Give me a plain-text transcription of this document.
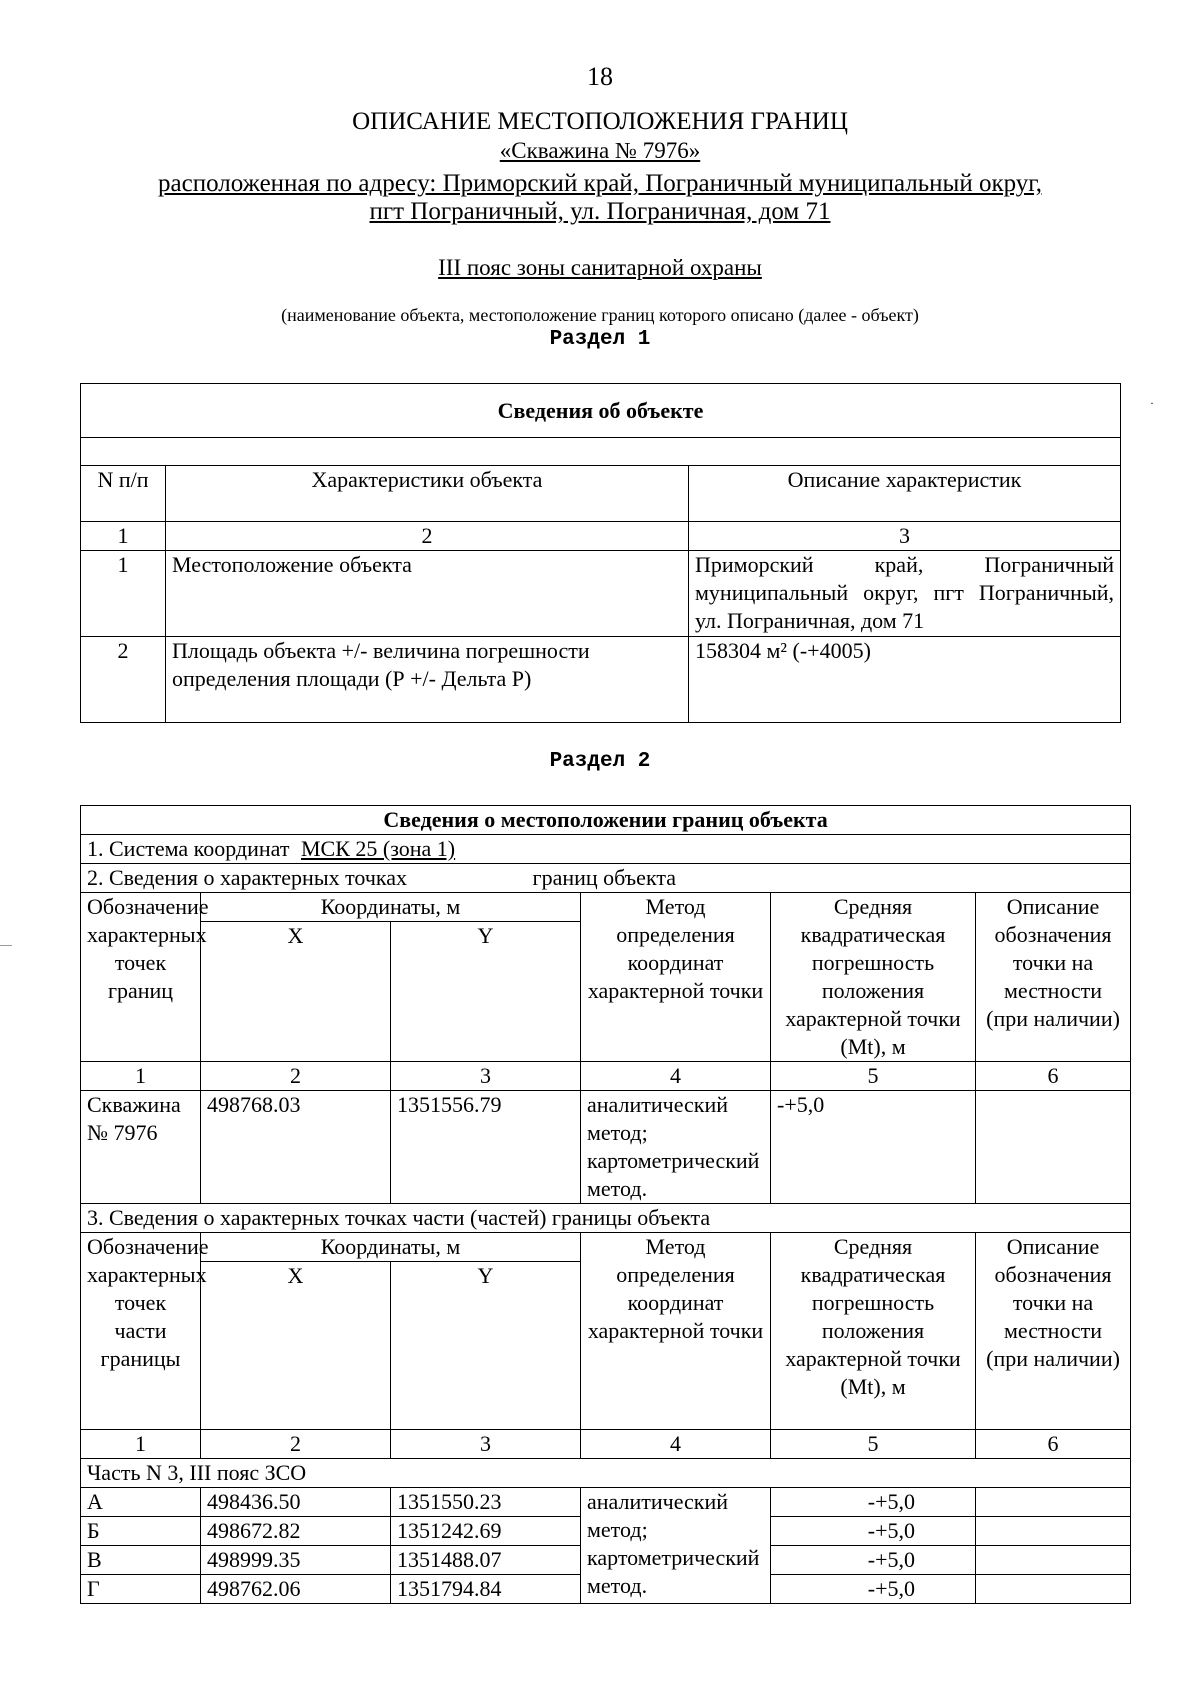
18
ОПИСАНИЕ МЕСТОПОЛОЖЕНИЯ ГРАНИЦ
«Скважина № 7976»
расположенная по адресу: Приморский край, Пограничный муниципальный округ,
пгт Пограничный, ул. Пограничная, дом 71
III пояс зоны санитарной охраны
(наименование объекта, местоположение границ которого описано (далее - объект)
Раздел 1
·
Сведения об объекте		

N п/п	Характеристики объекта	Описание характеристик
1	2	3
1	Местоположение объекта	Приморский край, Пограничный муниципальный округ, пгт Пограничный, ул. Пограничная, дом 71
2	Площадь объекта +/- величина погрешности определения площади (Р +/- Дельта Р)	158304 м² (-+4005)
Раздел 2
Сведения о местоположении границ объекта					
1. Система координат МСК 25 (зона 1)					
2. Сведения о характерных точках границ объекта					
Обозначение характерных точек границ	Координаты, м		Метод определения координат характерной точки	Средняя квадратическая погрешность положения характерной точки (Mt), м	Описание обозначения точки на местности (при наличии)
	X	Y			
1	2	3	4	5	6
Скважина № 7976	498768.03	1351556.79	аналитический метод; картометрический метод.	-+5,0	
3. Сведения о характерных точках части (частей) границы объекта					
Обозначение характерных точек части границы	Координаты, м		Метод определения координат характерной точки	Средняя квадратическая погрешность положения характерной точки (Mt), м	Описание обозначения точки на местности (при наличии)
	X	Y			
1	2	3	4	5	6
Часть N 3, III пояс ЗСО					
А	498436.50	1351550.23	аналитический метод; картометрический метод.	-+5,0	
Б	498672.82	1351242.69		-+5,0	
В	498999.35	1351488.07		-+5,0	
Г	498762.06	1351794.84		-+5,0	
